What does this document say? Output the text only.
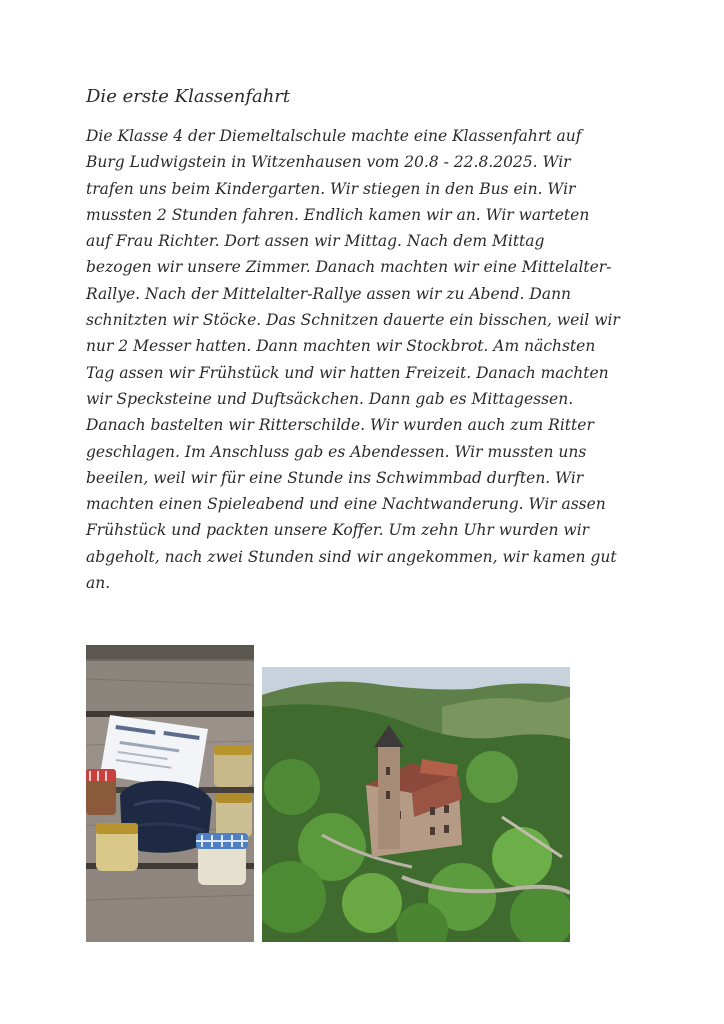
Die erste Klassenfahrt
Die Klasse 4 der Diemeltalschule machte eine Klassenfahrt auf
Burg Ludwigstein in Witzenhausen vom 20.8 - 22.8.2025. Wir
trafen uns beim Kindergarten. Wir stiegen in den Bus ein. Wir
mussten 2 Stunden fahren. Endlich kamen wir an. Wir warteten
auf Frau Richter. Dort assen wir Mittag. Nach dem Mittag
bezogen wir unsere Zimmer. Danach machten wir eine Mittelalter-
Rallye. Nach der Mittelalter-Rallye assen wir zu Abend. Dann
schnitzten wir Stöcke. Das Schnitzen dauerte ein bisschen, weil wir
nur 2 Messer hatten. Dann machten wir Stockbrot. Am nächsten
Tag assen wir Frühstück und wir hatten Freizeit. Danach machten
wir Specksteine und Duftsäckchen. Dann gab es Mittagessen.
Danach bastelten wir Ritterschilde. Wir wurden auch zum Ritter
geschlagen. Im Anschluss gab es Abendessen. Wir mussten uns
beeilen, weil wir für eine Stunde ins Schwimmbad durften. Wir
machten einen Spieleabend und eine Nachtwanderung. Wir assen
Frühstück und packten unsere Koffer. Um zehn Uhr wurden wir
abgeholt, nach zwei Stunden sind wir angekommen, wir kamen gut
an.
